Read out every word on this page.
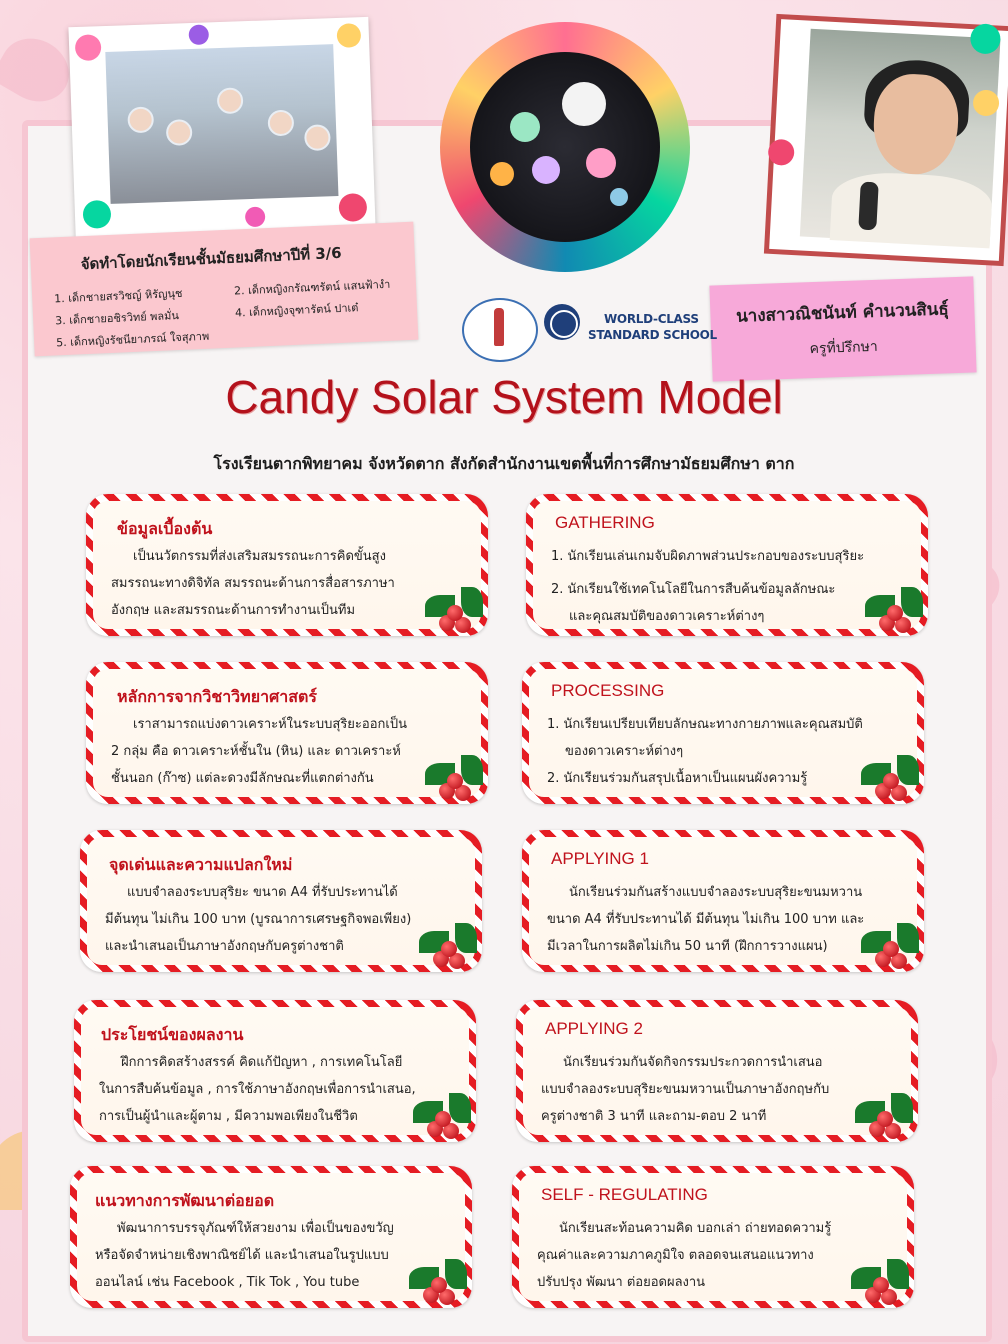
จัดทำโดยนักเรียนชั้นมัธยมศึกษาปีที่ 3/6
1. เด็กชายสรวิชญ์ หิรัญนุช	2. เด็กหญิงกรัณฑรัตน์ แสนฟ้างำ
3. เด็กชายอชิรวิทย์ พลมั่น	4. เด็กหญิงจุฑารัตน์ ปาเต๋
5. เด็กหญิงรัชนียาภรณ์ ใจสุภาพ
นางสาวณิชนันท์ คำนวนสินธุ์
ครูที่ปรึกษา
WORLD-CLASS
STANDARD SCHOOL
Candy Solar System Model
โรงเรียนตากพิทยาคม จังหวัดตาก สังกัดสำนักงานเขตพื้นที่การศึกษามัธยมศึกษา ตาก
ข้อมูลเบื้องต้น
เป็นนวัตกรรมที่ส่งเสริมสมรรถนะการคิดขั้นสูง
สมรรถนะทางดิจิทัล สมรรถนะด้านการสื่อสารภาษา
อังกฤษ และสมรรถนะด้านการทำงานเป็นทีม
หลักการจากวิชาวิทยาศาสตร์
เราสามารถแบ่งดาวเคราะห์ในระบบสุริยะออกเป็น
2 กลุ่ม คือ ดาวเคราะห์ชั้นใน (หิน) และ ดาวเคราะห์
ชั้นนอก (ก๊าซ) แต่ละดวงมีลักษณะที่แตกต่างกัน
จุดเด่นและความแปลกใหม่
แบบจำลองระบบสุริยะ ขนาด A4 ที่รับประทานได้
มีต้นทุน ไม่เกิน 100 บาท (บูรณาการเศรษฐกิจพอเพียง)
และนำเสนอเป็นภาษาอังกฤษกับครูต่างชาติ
ประโยชน์ของผลงาน
ฝึกการคิดสร้างสรรค์ คิดแก้ปัญหา , การเทคโนโลยี
ในการสืบค้นข้อมูล , การใช้ภาษาอังกฤษเพื่อการนำเสนอ,
การเป็นผู้นำและผู้ตาม , มีความพอเพียงในชีวิต
แนวทางการพัฒนาต่อยอด
พัฒนาการบรรจุภัณฑ์ให้สวยงาม เพื่อเป็นของขวัญ
หรือจัดจำหน่ายเชิงพาณิชย์ได้ และนำเสนอในรูปแบบ
ออนไลน์ เช่น Facebook , Tik Tok , You tube
GATHERING
1. นักเรียนเล่นเกมจับผิดภาพส่วนประกอบของระบบสุริยะ
2. นักเรียนใช้เทคโนโลยีในการสืบค้นข้อมูลลักษณะ
และคุณสมบัติของดาวเคราะห์ต่างๆ
PROCESSING
1. นักเรียนเปรียบเทียบลักษณะทางกายภาพและคุณสมบัติ
ของดาวเคราะห์ต่างๆ
2. นักเรียนร่วมกันสรุปเนื้อหาเป็นแผนผังความรู้
APPLYING 1
นักเรียนร่วมกันสร้างแบบจำลองระบบสุริยะขนมหวาน
ขนาด A4 ที่รับประทานได้ มีต้นทุน ไม่เกิน 100 บาท และ
มีเวลาในการผลิตไม่เกิน 50 นาที (ฝึกการวางแผน)
APPLYING 2
นักเรียนร่วมกันจัดกิจกรรมประกวดการนำเสนอ
แบบจำลองระบบสุริยะขนมหวานเป็นภาษาอังกฤษกับ
ครูต่างชาติ 3 นาที และถาม-ตอบ 2 นาที
SELF - REGULATING
นักเรียนสะท้อนความคิด บอกเล่า ถ่ายทอดความรู้
คุณค่าและความภาคภูมิใจ ตลอดจนเสนอแนวทาง
ปรับปรุง พัฒนา ต่อยอดผลงาน
